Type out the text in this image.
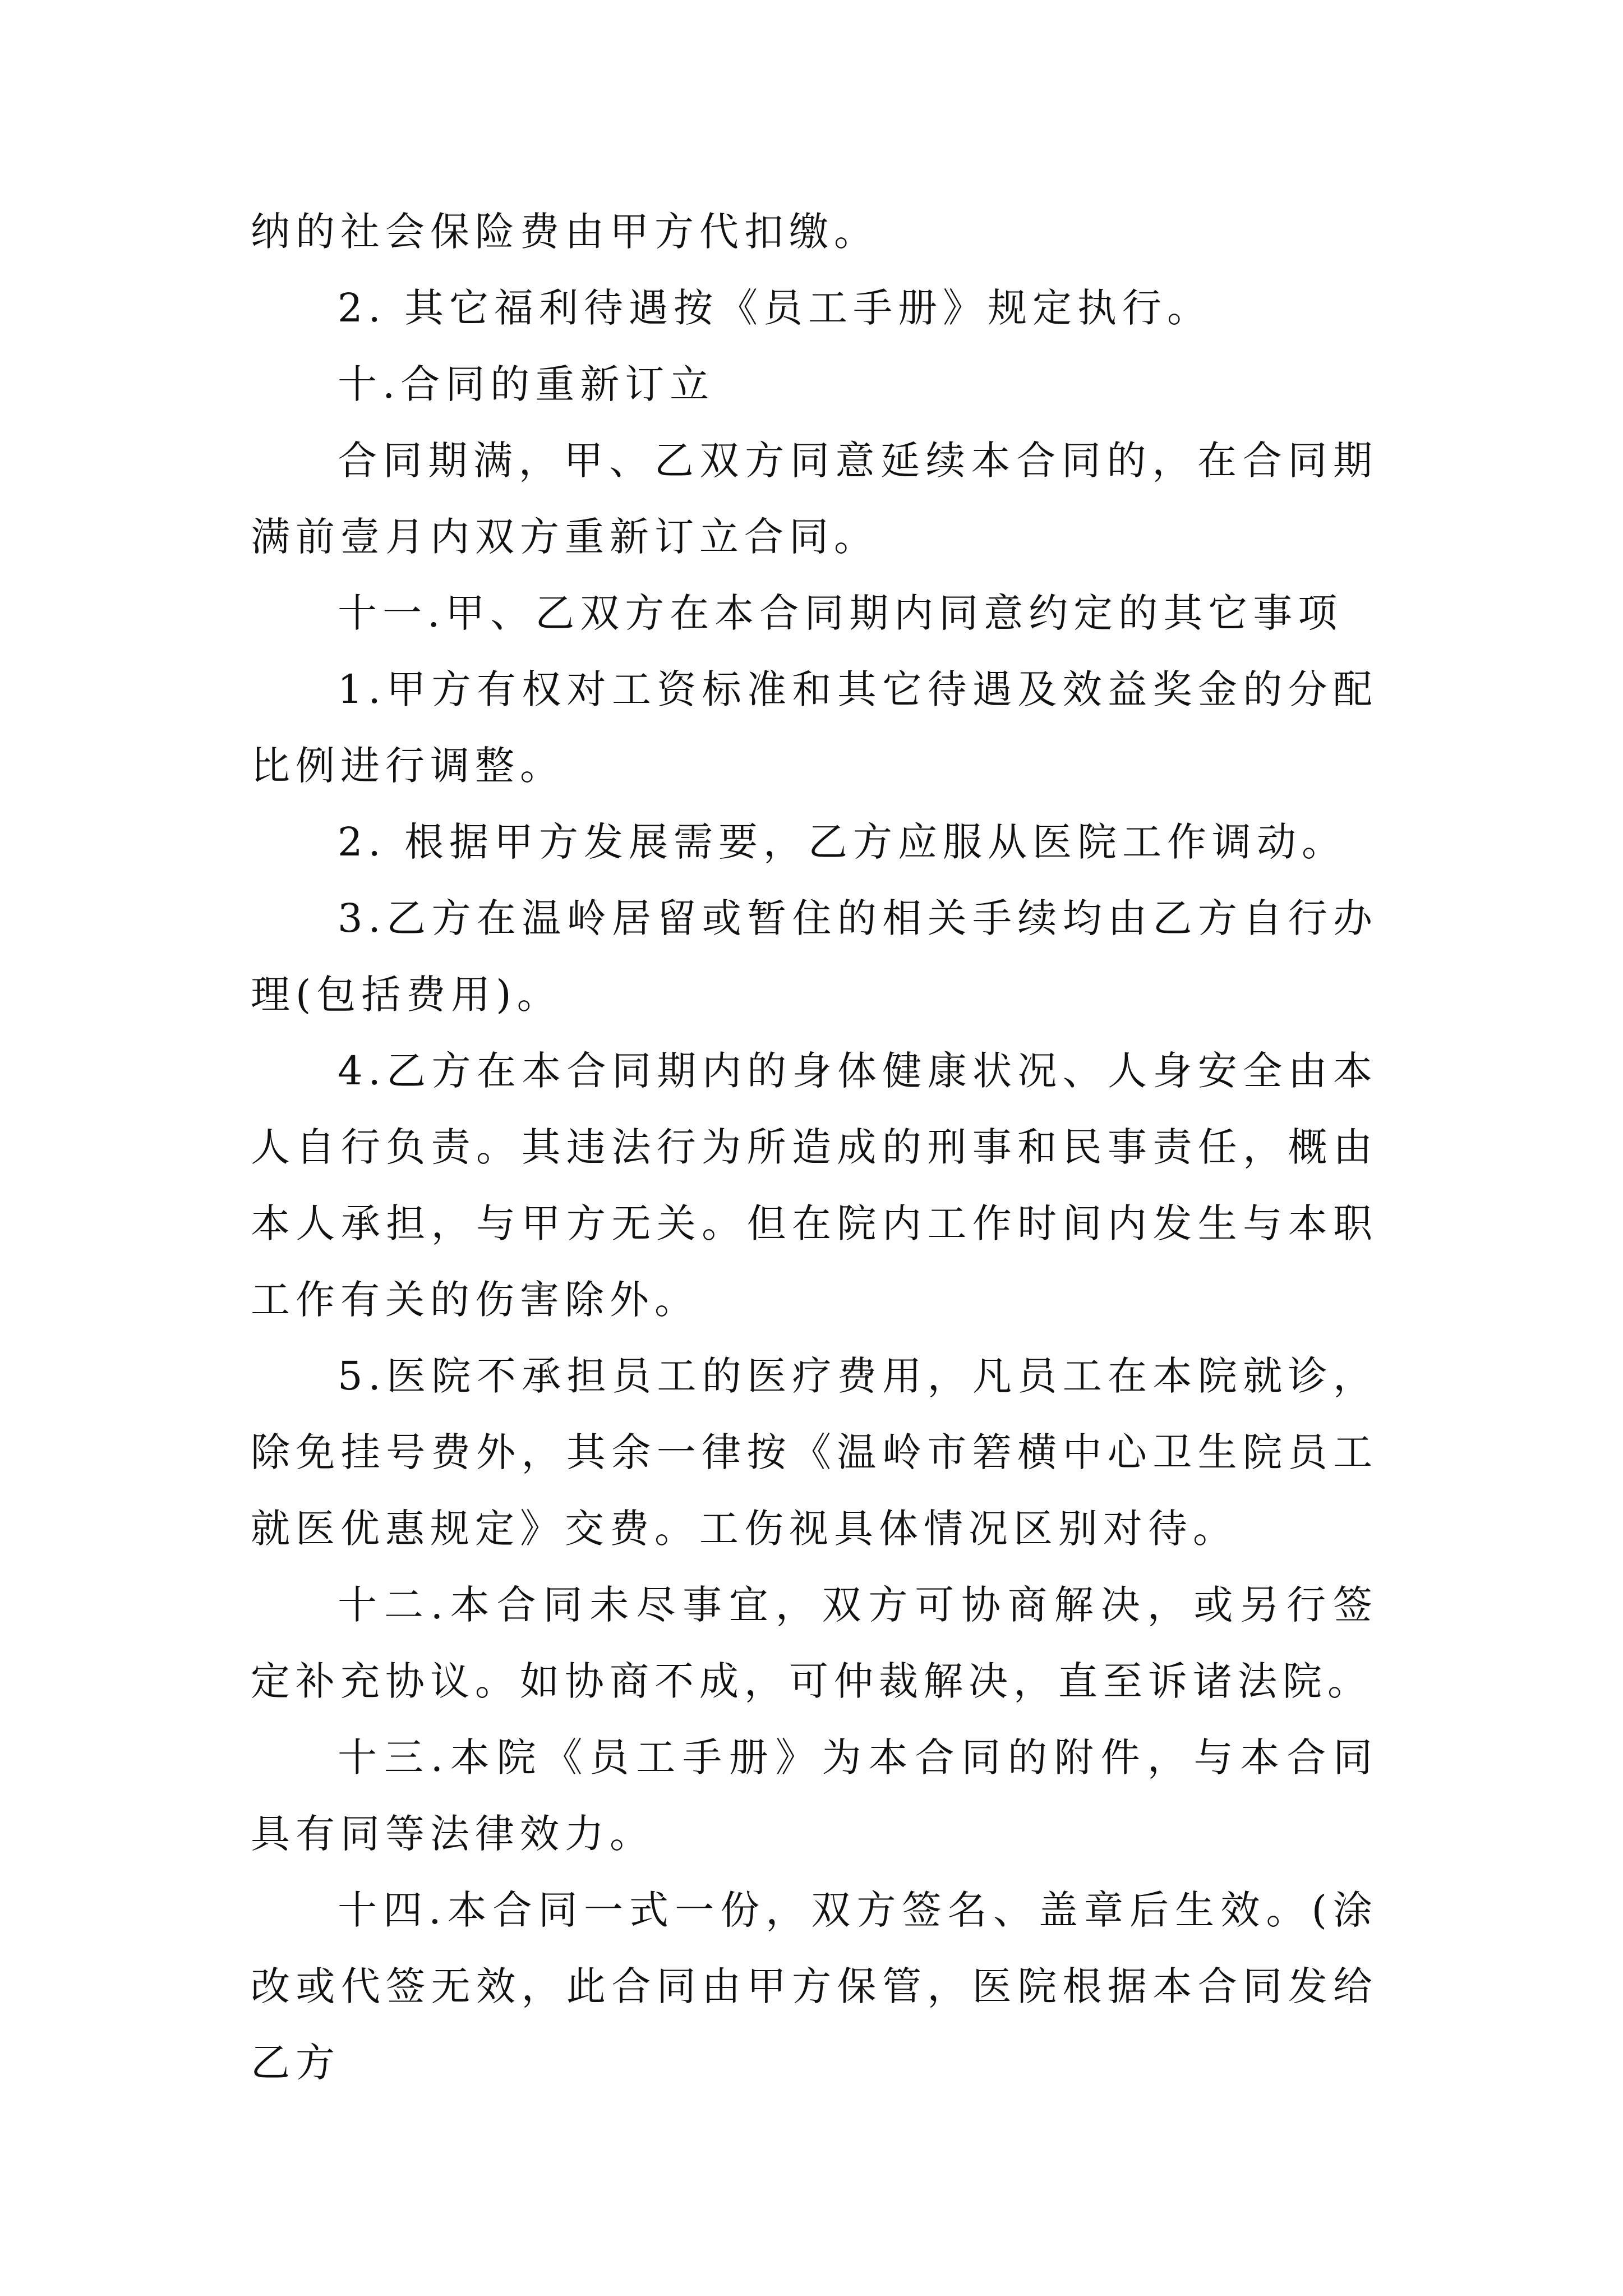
纳的社会保险费由甲方代扣缴。

2. 其它福利待遇按《员工手册》规定执行。

十.合同的重新订立

合同期满，甲、乙双方同意延续本合同的，在合同期满前壹月内双方重新订立合同。

十一.甲、乙双方在本合同期内同意约定的其它事项

1.甲方有权对工资标准和其它待遇及效益奖金的分配比例进行调整。

2. 根据甲方发展需要，乙方应服从医院工作调动。

3.乙方在温岭居留或暂住的相关手续均由乙方自行办理(包括费用)。

4.乙方在本合同期内的身体健康状况、人身安全由本人自行负责。其违法行为所造成的刑事和民事责任，概由本人承担，与甲方无关。但在院内工作时间内发生与本职工作有关的伤害除外。

5.医院不承担员工的医疗费用，凡员工在本院就诊，除免挂号费外，其余一律按《温岭市箬横中心卫生院员工就医优惠规定》交费。工伤视具体情况区别对待。

十二.本合同未尽事宜，双方可协商解决，或另行签定补充协议。如协商不成，可仲裁解决，直至诉诸法院。

十三.本院《员工手册》为本合同的附件，与本合同具有同等法律效力。

十四.本合同一式一份，双方签名、盖章后生效。(涂改或代签无效，此合同由甲方保管，医院根据本合同发给乙方
